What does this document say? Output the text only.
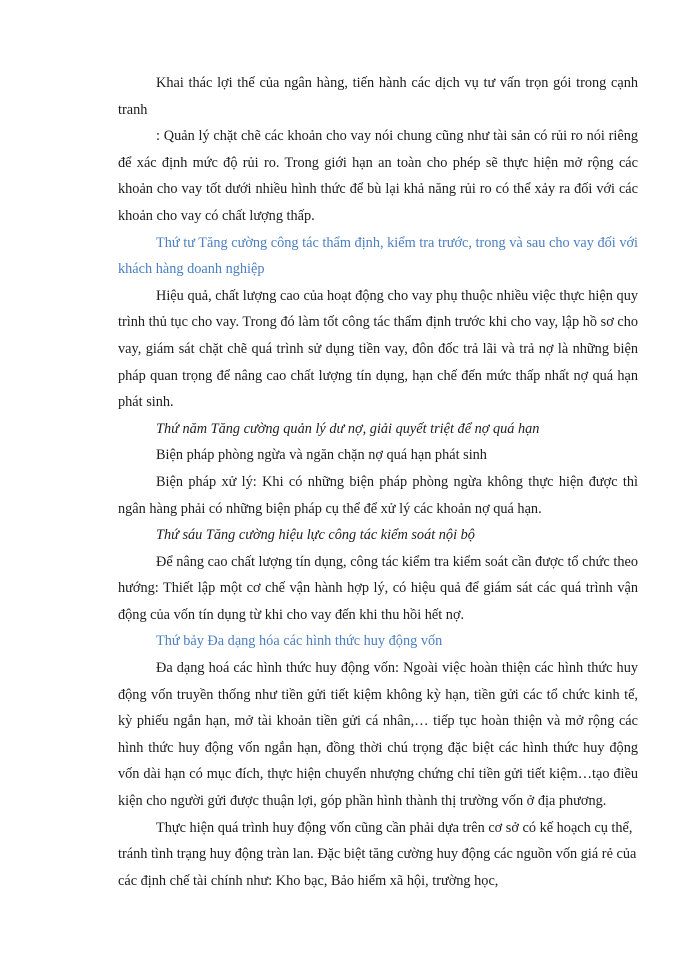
Khai thác lợi thế của ngân hàng, tiến hành các dịch vụ tư vấn trọn gói trong cạnh tranh

: Quản lý chặt chẽ các khoản cho vay nói chung cũng như tài sản có rủi ro nói riêng để xác định mức độ rủi ro. Trong giới hạn an toàn cho phép sẽ thực hiện mở rộng các khoản cho vay tốt dưới nhiều hình thức để bù lại khả năng rủi ro có thể xảy ra đối với các khoản cho vay có chất lượng thấp.

Thứ tư Tăng cường công tác thẩm định, kiểm tra trước, trong và sau cho vay đối với khách hàng doanh nghiệp

Hiệu quả, chất lượng cao của hoạt động cho vay phụ thuộc nhiều việc thực hiện quy trình thủ tục cho vay. Trong đó làm tốt công tác thẩm định trước khi cho vay, lập hồ sơ cho vay, giám sát chặt chẽ quá trình sử dụng tiền vay, đôn đốc trả lãi và trả nợ là những biện pháp quan trọng để nâng cao chất lượng tín dụng, hạn chế đến mức thấp nhất nợ quá hạn phát sinh.

Thứ năm Tăng cường quản lý dư nợ, giải quyết triệt để nợ quá hạn

Biện pháp phòng ngừa và ngăn chặn nợ quá hạn phát sinh

Biện pháp xử lý: Khi có những biện pháp phòng ngừa không thực hiện được thì ngân hàng phải có những biện pháp cụ thể để xử lý các khoản nợ quá hạn.

Thứ sáu Tăng cường hiệu lực công tác kiểm soát nội bộ

Để nâng cao chất lượng tín dụng, công tác kiểm tra kiểm soát cần được tổ chức theo hướng: Thiết lập một cơ chế vận hành hợp lý, có hiệu quả để giám sát các quá trình vận động của vốn tín dụng từ khi cho vay đến khi thu hồi hết nợ.

Thứ bảy Đa dạng hóa các hình thức huy động vốn

Đa dạng hoá các hình thức huy động vốn: Ngoài việc hoàn thiện các hình thức huy động vốn truyền thống như tiền gửi tiết kiệm không kỳ hạn, tiền gửi các tổ chức kinh tế, kỳ phiếu ngắn hạn, mở tài khoản tiền gửi cá nhân,… tiếp tục hoàn thiện và mở rộng các hình thức huy động vốn ngắn hạn, đồng thời chú trọng đặc biệt các hình thức huy động vốn dài hạn có mục đích, thực hiện chuyển nhượng chứng chỉ tiền gửi tiết kiệm…tạo điều kiện cho người gửi được thuận lợi, góp phần hình thành thị trường vốn ở địa phương.

Thực hiện quá trình huy động vốn cũng cần phải dựa trên cơ sở có kế hoạch cụ thể, tránh tình trạng huy động tràn lan. Đặc biệt tăng cường huy động các nguồn vốn giá rẻ của các định chế tài chính như: Kho bạc, Bảo hiểm xã hội, trường học,
